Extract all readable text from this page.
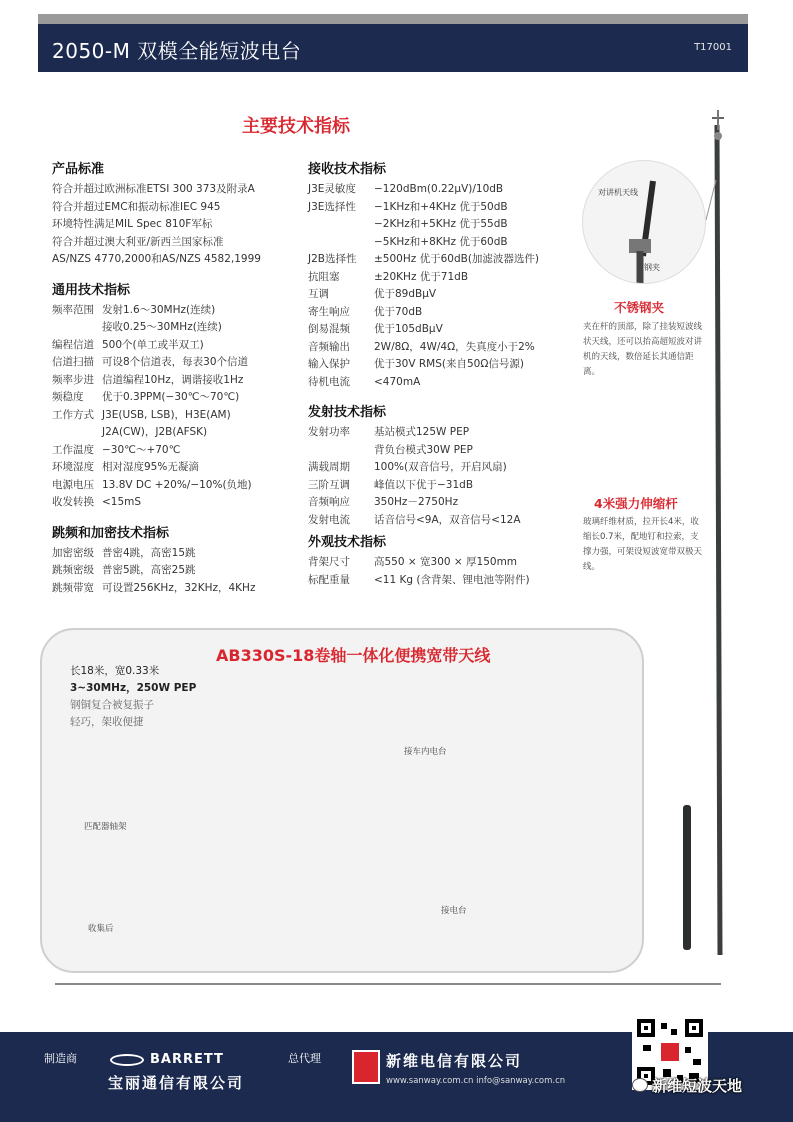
2050-M 双模全能短波电台	T17001
主要技术指标
产品标准
符合并超过欧洲标准ETSI 300 373及附录A
符合并超过EMC和振动标准IEC 945
环境特性满足MIL Spec 810F军标
符合并超过澳大利亚/新西兰国家标准
AS/NZS 4770,2000和AS/NZS 4582,1999
通用技术指标
频率范围 发射1.6～30MHz(连续)
接收0.25～30MHz(连续)
编程信道 500个(单工或半双工)
信道扫描 可设8个信道表，每表30个信道
频率步进 信道编程10Hz，调谐接收1Hz
频稳度	优于0.3PPM(−30℃～70℃)
工作方式 J3E(USB, LSB)，H3E(AM)
J2A(CW)，J2B(AFSK)
工作温度 −30℃～+70℃
环境湿度 相对湿度95%无凝滴
电源电压 13.8V DC +20%/−10%(负地)
收发转换 <15mS
跳频和加密技术指标
加密密级 普密4跳，高密15跳
跳频密级 普密5跳，高密25跳
跳频带宽 可设置256KHz，32KHz，4KHz
接收技术指标
J3E灵敏度	−120dBm(0.22μV)/10dB
J3E选择性	−1KHz和+4KHz 优于50dB
−2KHz和+5KHz 优于55dB
−5KHz和+8KHz 优于60dB
J2B选择性	±500Hz 优于60dB(加滤波器选件)
抗阻塞	±20KHz 优于71dB
互调	优于89dBμV
寄生响应	优于70dB
倒易混频	优于105dBμV
音频输出	2W/8Ω，4W/4Ω，失真度小于2%
输入保护	优于30V RMS(来自50Ω信号源)
待机电流	<470mA
发射技术指标
发射功率	基站模式125W PEP
背负台模式30W PEP
满载周期	100%(双音信号，开启风扇)
三阶互调	峰值以下优于−31dB
音频响应	350Hz－2750Hz
发射电流	话音信号<9A，双音信号<12A
外观技术指标
背架尺寸	高550 × 宽300 × 厚150mm
标配重量	<11 Kg (含背架、锂电池等附件)
对讲机天线
钢夹
不锈钢夹
夹在杆的顶部，除了挂装短波线状天线，还可以抬高超短波对讲机的天线，数倍延长其通信距离。
4米强力伸缩杆
玻璃纤维材质，拉开长4米，收缩长0.7米，配地钉和拉索，支撑力强，可架设短波宽带双极天线。
AB330S-18卷轴一体化便携宽带天线
长18米，宽0.33米
3~30MHz，250W PEP
钢铜复合被复振子
轻巧，架收便捷
匹配器轴架
收集后
接车内电台
接电台
制造商	BARRETT
宝丽通信有限公司
总代理	新维电信有限公司
www.sanway.com.cn info@sanway.com.cn	新维短波天地
